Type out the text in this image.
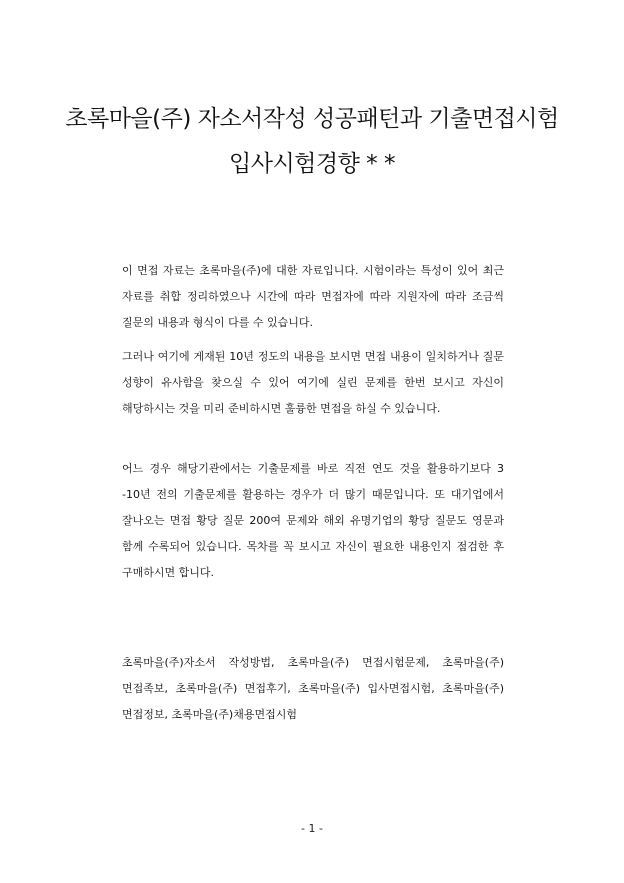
초록마을(주) 자소서작성 성공패턴과 기출면접시험
입사시험경향 * *

이 면접 자료는 초록마을(주)에 대한 자료입니다. 시험이라는 특성이 있어 최근 자료를 취합 정리하였으나 시간에 따라 면접자에 따라 지원자에 따라 조금씩 질문의 내용과 형식이 다를 수 있습니다.

그러나 여기에 게재된 10년 정도의 내용을 보시면 면접 내용이 일치하거나 질문 성향이 유사함을 찾으실 수 있어 여기에 실린 문제를 한번 보시고 자신이 해당하시는 것을 미리 준비하시면 훌륭한 면접을 하실 수 있습니다.

어느 경우 해당기관에서는 기출문제를 바로 직전 연도 것을 활용하기보다 3 -10년 전의 기출문제를 활용하는 경우가 더 많기 때문입니다. 또 대기업에서 잘나오는 면접 황당 질문 200여 문제와 해외 유명기업의 황당 질문도 영문과 함께 수록되어 있습니다. 목차를 꼭 보시고 자신이 필요한 내용인지 점검한 후 구매하시면 합니다.

초록마을(주)자소서 작성방법, 초록마을(주) 면접시험문제, 초록마을(주) 면접족보, 초록마을(주) 면접후기, 초록마을(주) 입사면접시험, 초록마을(주)면접정보, 초록마을(주)채용면접시험
- 1 -
